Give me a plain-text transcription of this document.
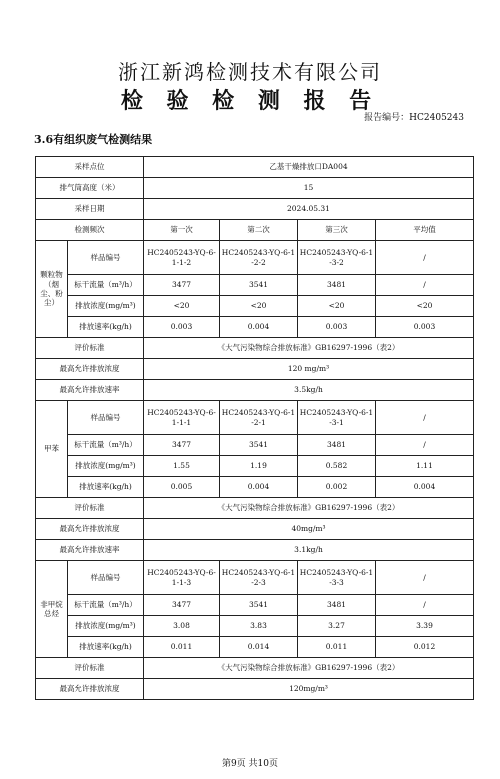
浙江新鸿检测技术有限公司
检 验 检 测 报 告
报告编号：HC2405243
3.6有组织废气检测结果
采样点位		乙基干燥排放口DA004			
排气筒高度（米）		15			
采样日期		2024.05.31			
检测频次		第一次	第二次	第三次	平均值
颗粒物（烟尘、粉尘）	样品编号	HC2405243-YQ-6-1-1-2	HC2405243-YQ-6-1-2-2	HC2405243-YQ-6-1-3-2	/
	标干流量（m³/h）	3477	3541	3481	/
	排放浓度(mg/m³)	<20	<20	<20	<20
	排放速率(kg/h)	0.003	0.004	0.003	0.003
评价标准		《大气污染物综合排放标准》GB16297-1996（表2）			
最高允许排放浓度		120 mg/m³			
最高允许排放速率		3.5kg/h			
甲苯	样品编号	HC2405243-YQ-6-1-1-1	HC2405243-YQ-6-1-2-1	HC2405243-YQ-6-1-3-1	/
	标干流量（m³/h）	3477	3541	3481	/
	排放浓度(mg/m³)	1.55	1.19	0.582	1.11
	排放速率(kg/h)	0.005	0.004	0.002	0.004
评价标准		《大气污染物综合排放标准》GB16297-1996（表2）			
最高允许排放浓度		40mg/m³			
最高允许排放速率		3.1kg/h			
非甲烷总烃	样品编号	HC2405243-YQ-6-1-1-3	HC2405243-YQ-6-1-2-3	HC2405243-YQ-6-1-3-3	/
	标干流量（m³/h）	3477	3541	3481	/
	排放浓度(mg/m³)	3.08	3.83	3.27	3.39
	排放速率(kg/h)	0.011	0.014	0.011	0.012
评价标准		《大气污染物综合排放标准》GB16297-1996（表2）			
最高允许排放浓度		120mg/m³			
第9页 共10页
